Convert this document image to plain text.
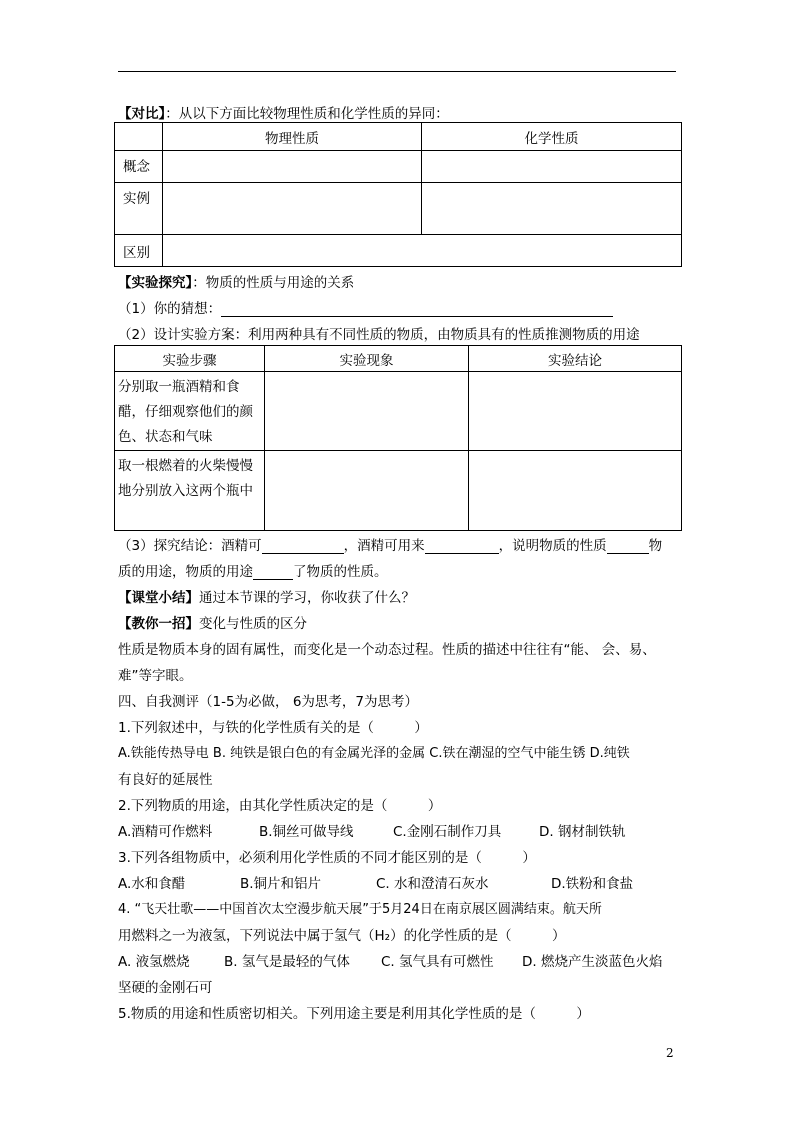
【对比】：从以下方面比较物理性质和化学性质的异同：
	物理性质	化学性质
概念		
实例		
区别		
【实验探究】：物质的性质与用途的关系
（1）你的猜想：
（2）设计实验方案：利用两种具有不同性质的物质，由物质具有的性质推测物质的用途
实验步骤	实验现象	实验结论
分别取一瓶酒精和食醋，仔细观察他们的颜色、状态和气味		
取一根燃着的火柴慢慢地分别放入这两个瓶中		
（3）探究结论：酒精可	，酒精可用来	，说明物质的性质	物
质的用途，物质的用途	了物质的性质。
【课堂小结】通过本节课的学习，你收获了什么？
【教你一招】变化与性质的区分
性质是物质本身的固有属性，而变化是一个动态过程。性质的描述中往往有“能、 会、易、
难”等字眼。
四、自我测评（1-5为必做， 6为思考，7为思考）
1.下列叙述中，与铁的化学性质有关的是（　　　）
A.铁能传热导电 B. 纯铁是银白色的有金属光泽的金属 C.铁在潮湿的空气中能生锈 D.纯铁
有良好的延展性
2.下列物质的用途，由其化学性质决定的是（　　　）
A.酒精可作燃料	B.铜丝可做导线	C.金刚石制作刀具	D. 钢材制铁轨
3.下列各组物质中，必须利用化学性质的不同才能区别的是（　　　）
A.水和食醋	B.铜片和铝片	C. 水和澄清石灰水	D.铁粉和食盐
4. “飞天壮歌——中国首次太空漫步航天展”于5月24日在南京展区圆满结束。航天所
用燃料之一为液氢，下列说法中属于氢气（H₂）的化学性质的是（　　　）
A. 液氢燃烧	B. 氢气是最轻的气体 C. 氢气具有可燃性 D. 燃烧产生淡蓝色火焰
坚硬的金刚石可
5.物质的用途和性质密切相关。下列用途主要是利用其化学性质的是（　　　）
2
